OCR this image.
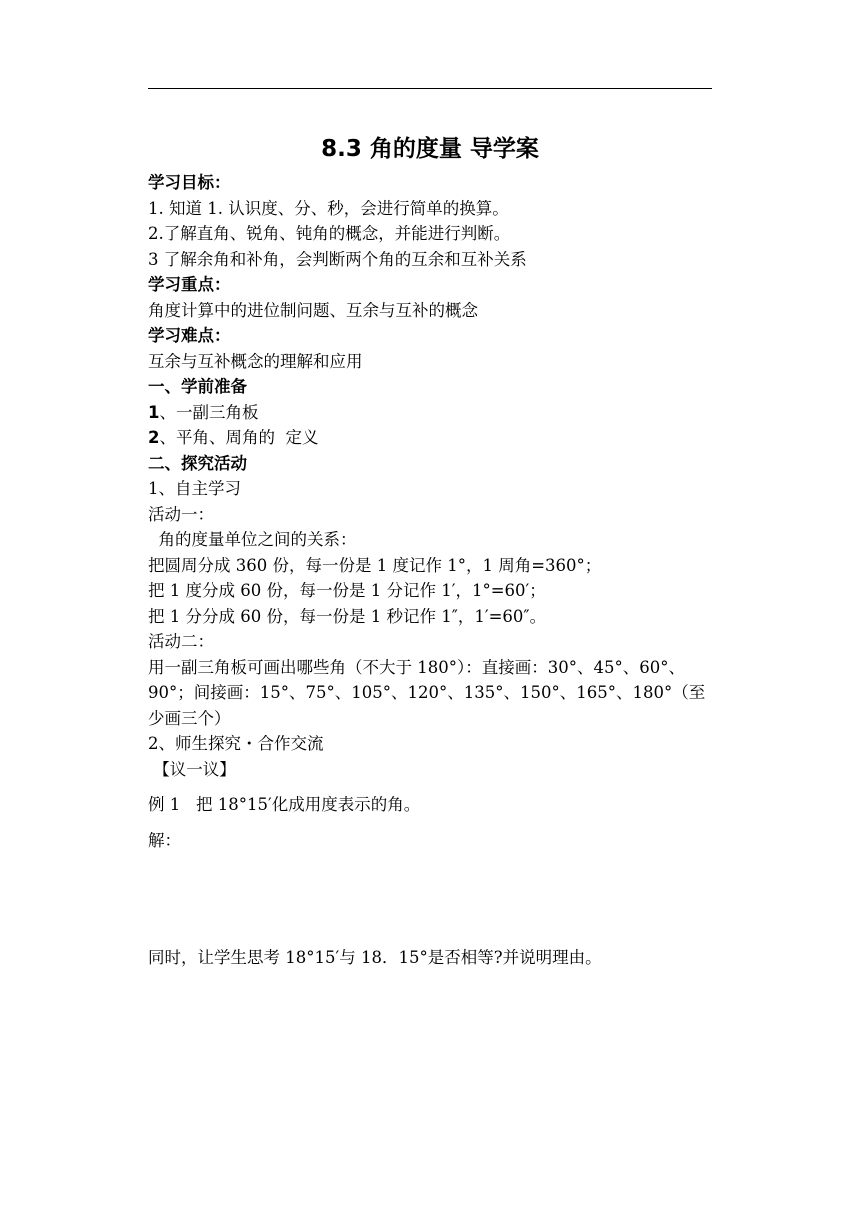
8.3 角的度量 导学案
学习目标：
1. 知道 1. 认识度、分、秒，会进行简单的换算。
2.了解直角、锐角、钝角的概念，并能进行判断。
3 了解余角和补角，会判断两个角的互余和互补关系
学习重点：
角度计算中的进位制问题、互余与互补的概念
学习难点：
互余与互补概念的理解和应用
一、学前准备
1、一副三角板
2、平角、周角的  定义
二、探究活动
1、自主学习
活动一：
角的度量单位之间的关系：
把圆周分成 360 份，每一份是 1 度记作 1°，1 周角=360°；
把 1 度分成 60 份，每一份是 1 分记作 1′，1°=60′；
把 1 分分成 60 份，每一份是 1 秒记作 1″，1′=60″。
活动二：
用一副三角板可画出哪些角（不大于 180°）：直接画：30°、45°、60°、90°；间接画：15°、75°、105°、120°、135°、150°、165°、180°（至少画三个）
2、师生探究・合作交流
【议一议】
例 1   把 18°15′化成用度表示的角。
解：
同时，让学生思考 18°15′与 18．15°是否相等?并说明理由。
